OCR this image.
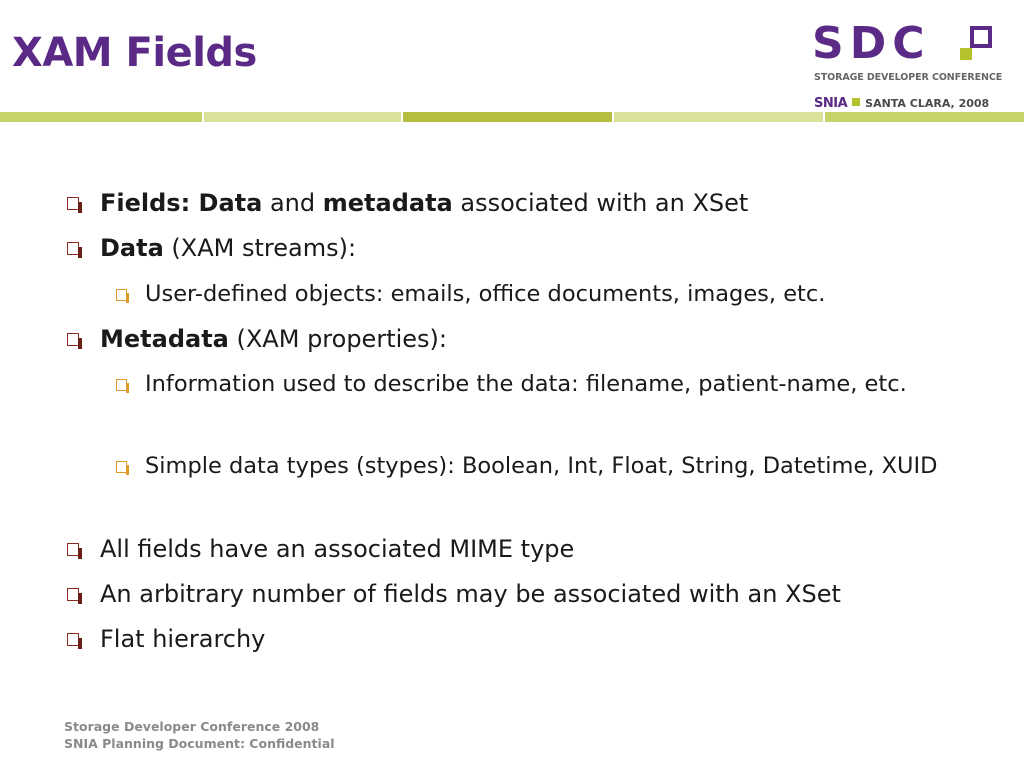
XAM Fields	SDC
STORAGE DEVELOPER CONFERENCE
SNIA SANTA CLARA, 2008
Fields: Data and metadata associated with an XSet
Data (XAM streams):
User-defined objects: emails, office documents, images, etc.
Metadata (XAM properties):
Information used to describe the data: filename, patient-name, etc.
Simple data types (stypes): Boolean, Int, Float, String, Datetime, XUID
All fields have an associated MIME type
An arbitrary number of fields may be associated with an XSet
Flat hierarchy
Storage Developer Conference 2008
SNIA Planning Document: Confidential
